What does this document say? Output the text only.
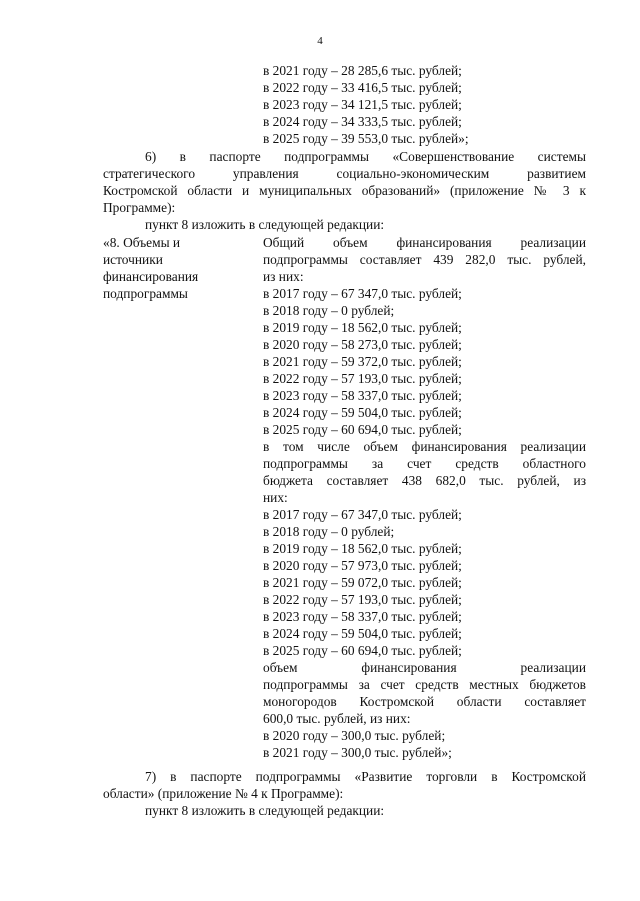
4
в 2021 году – 28 285,6 тыс. рублей;
в 2022 году – 33 416,5 тыс. рублей;
в 2023 году – 34 121,5 тыс. рублей;
в 2024 году – 34 333,5 тыс. рублей;
в 2025 году – 39 553,0 тыс. рублей»;
6) в паспорте подпрограммы «Совершенствование системы
стратегического управления социально-экономическим развитием
Костромской области и муниципальных образований» (приложение № 3 к
Программе):
пункт 8 изложить в следующей редакции:
«8. Объемы и
источники
финансирования
подпрограммы
Общий объем финансирования реализации
подпрограммы составляет 439 282,0 тыс. рублей,
из них:
в 2017 году – 67 347,0 тыс. рублей;
в 2018 году – 0 рублей;
в 2019 году – 18 562,0 тыс. рублей;
в 2020 году – 58 273,0 тыс. рублей;
в 2021 году – 59 372,0 тыс. рублей;
в 2022 году – 57 193,0 тыс. рублей;
в 2023 году – 58 337,0 тыс. рублей;
в 2024 году – 59 504,0 тыс. рублей;
в 2025 году – 60 694,0 тыс. рублей;
в том числе объем финансирования реализации
подпрограммы за счет средств областного
бюджета составляет 438 682,0 тыс. рублей, из
них:
в 2017 году – 67 347,0 тыс. рублей;
в 2018 году – 0 рублей;
в 2019 году – 18 562,0 тыс. рублей;
в 2020 году – 57 973,0 тыс. рублей;
в 2021 году – 59 072,0 тыс. рублей;
в 2022 году – 57 193,0 тыс. рублей;
в 2023 году – 58 337,0 тыс. рублей;
в 2024 году – 59 504,0 тыс. рублей;
в 2025 году – 60 694,0 тыс. рублей;
объем финансирования реализации
подпрограммы за счет средств местных бюджетов
моногородов Костромской области составляет
600,0 тыс. рублей, из них:
в 2020 году – 300,0 тыс. рублей;
в 2021 году – 300,0 тыс. рублей»;
7) в паспорте подпрограммы «Развитие торговли в Костромской
области» (приложение № 4 к Программе):
пункт 8 изложить в следующей редакции:
